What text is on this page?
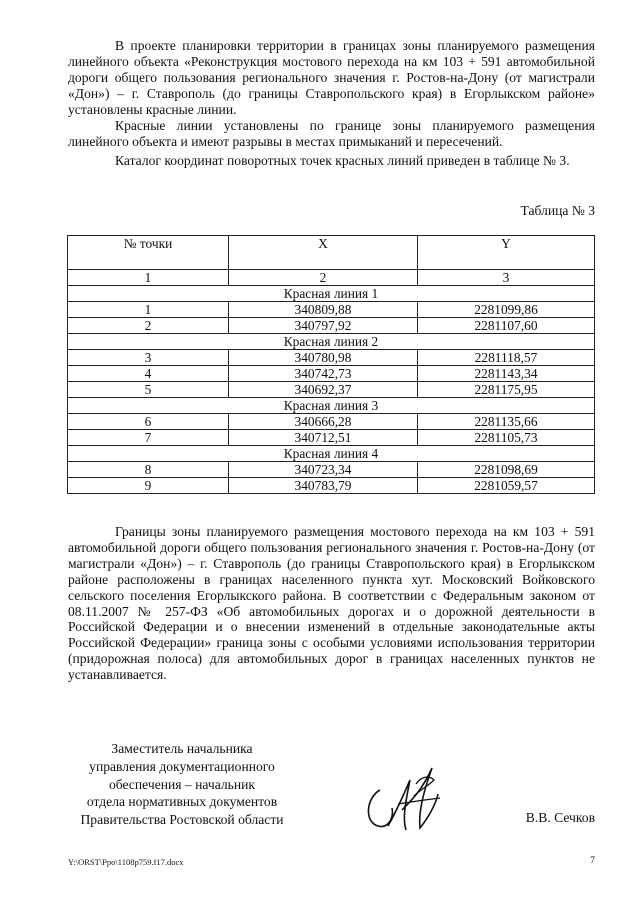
В проекте планировки территории в границах зоны планируемого размещения линейного объекта «Реконструкция мостового перехода на км 103 + 591 автомобильной дороги общего пользования регионального значения г. Ростов-на-Дону (от магистрали «Дон») – г. Ставрополь (до границы Ставропольского края) в Егорлыкском районе» установлены красные линии.

Красные линии установлены по границе зоны планируемого размещения линейного объекта и имеют разрывы в местах примыканий и пересечений.

Каталог координат поворотных точек красных линий приведен в таблице № 3.

Таблица № 3
№ точки	X	Y
1	2	3
Красная линия 1		
1	340809,88	2281099,86
2	340797,92	2281107,60
Красная линия 2		
3	340780,98	2281118,57
4	340742,73	2281143,34
5	340692,37	2281175,95
Красная линия 3		
6	340666,28	2281135,66
7	340712,51	2281105,73
Красная линия 4		
8	340723,34	2281098,69
9	340783,79	2281059,57

Границы зоны планируемого размещения мостового перехода на км 103 + 591 автомобильной дороги общего пользования регионального значения г. Ростов-на-Дону (от магистрали «Дон») – г. Ставрополь (до границы Ставропольского края) в Егорлыкском районе расположены в границах населенного пункта хут. Московский Войковского сельского поселения Егорлыкского района. В соответствии с Федеральным законом от 08.11.2007 № 257-ФЗ «Об автомобильных дорогах и о дорожной деятельности в Российской Федерации и о внесении изменений в отдельные законодательные акты Российской Федерации» граница зоны с особыми условиями использования территории (придорожная полоса) для автомобильных дорог в границах населенных пунктов не устанавливается.

Заместитель начальника
управления документационного
обеспечения – начальник
отдела нормативных документов
Правительства Ростовской области	В.В. Сечков
Y:\ORST\Ppo\1108p759.f17.docx	7
